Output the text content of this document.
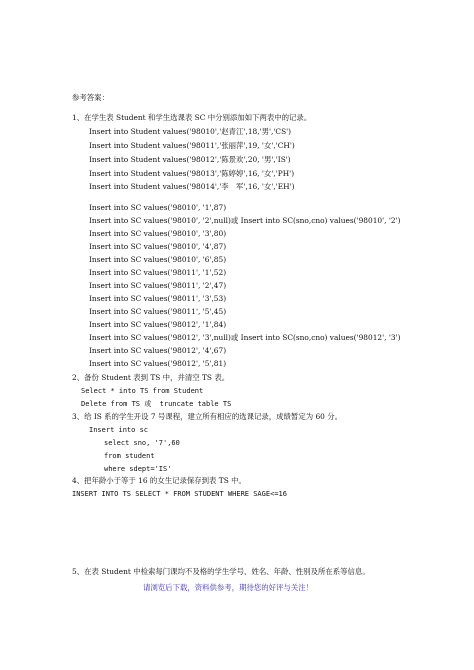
参考答案：
1、在学生表 Student 和学生选课表 SC 中分别添加如下两表中的记录。
Insert into Student values('98010','赵青江',18,'男','CS')
Insert into Student values('98011','张丽萍',19, '女','CH')
Insert into Student values('98012','陈景欢',20, '男','IS')
Insert into Student values('98013','陈婷婷',16, '女','PH')
Insert into Student values('98014','李　军',16, '女','EH')
Insert into SC values('98010', '1',87)
Insert into SC values('98010', '2',null)或 Insert into SC(sno,cno) values('98010', '2')
Insert into SC values('98010', '3',80)
Insert into SC values('98010', '4',87)
Insert into SC values('98010', '6',85)
Insert into SC values('98011', '1',52)
Insert into SC values('98011', '2',47)
Insert into SC values('98011', '3',53)
Insert into SC values('98011', '5',45)
Insert into SC values('98012', '1',84)
Insert into SC values('98012', '3',null)或 Insert into SC(sno,cno) values('98012', '3')
Insert into SC values('98012', '4',67)
Insert into SC values('98012', '5',81)
2、备份 Student 表到 TS 中，并清空 TS 表。
Select * into TS from Student
Delete from TS 或  truncate table TS
3、给 IS 系的学生开设 7 号课程，建立所有相应的选课记录，成绩暂定为 60 分。
Insert into sc
select sno, '7',60
from student
where sdept='IS'
4、把年龄小于等于 16 的女生记录保存到表 TS 中。
INSERT INTO TS SELECT * FROM STUDENT WHERE SAGE<=16
5、在表 Student 中检索每门课均不及格的学生学号、姓名、年龄、性别及所在系等信息。
请浏览后下载，资料供参考，期待您的好评与关注！
